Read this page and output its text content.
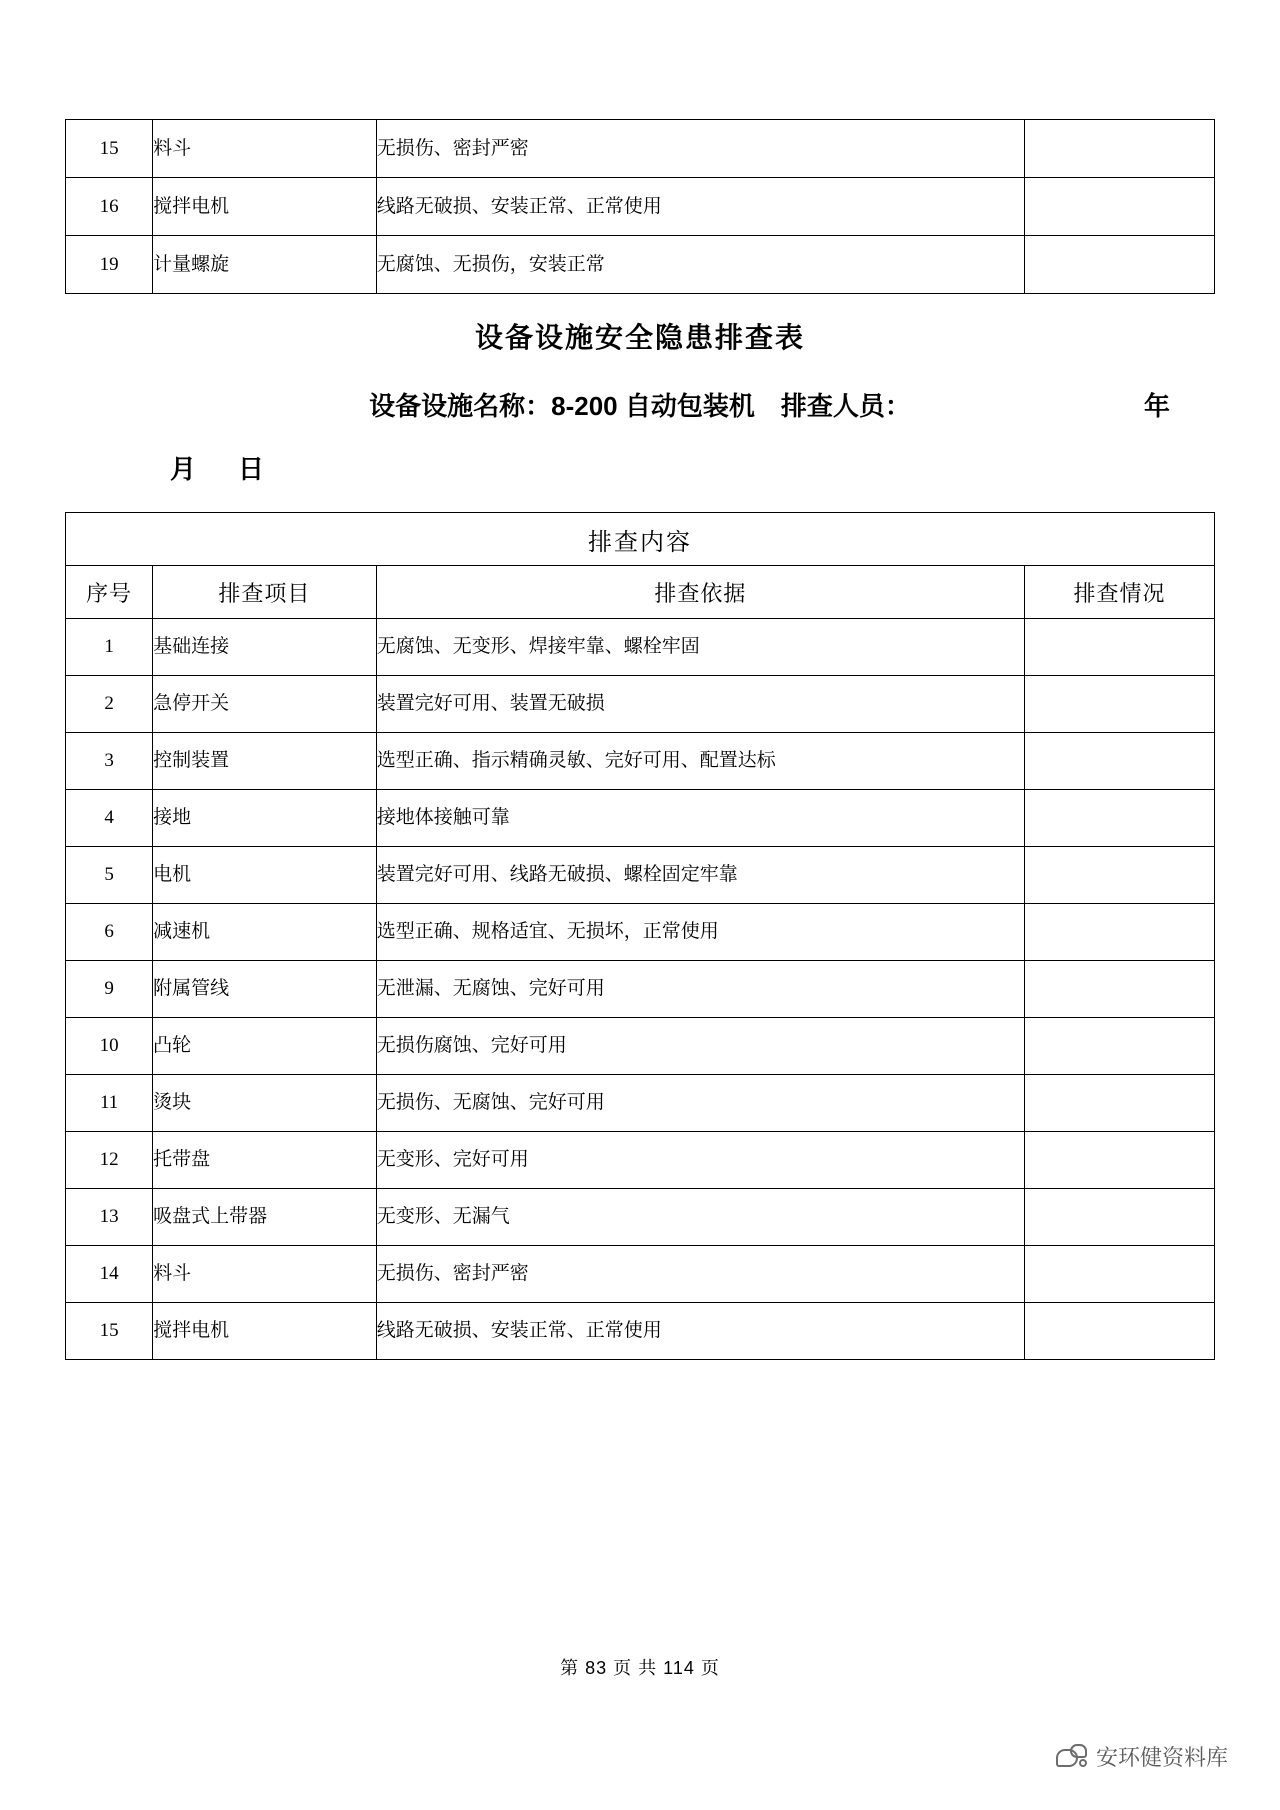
15	料斗	无损伤、密封严密	
16	搅拌电机	线路无破损、安装正常、正常使用	
19	计量螺旋	无腐蚀、无损伤，安装正常	
设备设施安全隐患排查表
设备设施名称：8-200 自动包装机　排查人员：	年
月　日
排查内容			
序号	排查项目	排查依据	排查情况
1	基础连接	无腐蚀、无变形、焊接牢靠、螺栓牢固	
2	急停开关	装置完好可用、装置无破损	
3	控制装置	选型正确、指示精确灵敏、完好可用、配置达标	
4	接地	接地体接触可靠	
5	电机	装置完好可用、线路无破损、螺栓固定牢靠	
6	减速机	选型正确、规格适宜、无损坏，正常使用	
9	附属管线	无泄漏、无腐蚀、完好可用	
10	凸轮	无损伤腐蚀、完好可用	
11	烫块	无损伤、无腐蚀、完好可用	
12	托带盘	无变形、完好可用	
13	吸盘式上带器	无变形、无漏气	
14	料斗	无损伤、密封严密	
15	搅拌电机	线路无破损、安装正常、正常使用	
第 83 页 共 114 页
安环健资料库
